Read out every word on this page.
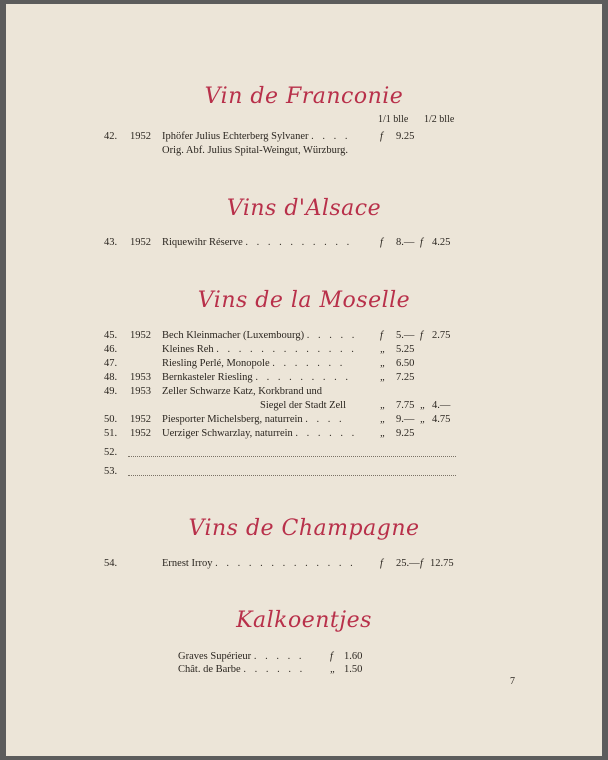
Vin de Franconie
1/1 blle 1/2 blle
42. 1952 Iphöfer Julius Echterberg Sylvaner . . . .	f 9.25
Orig. Abf. Julius Spital-Weingut, Würzburg.
Vins d'Alsace
43. 1952 Riquewihr Réserve . . . . . . . . . .	f 8.— f 4.25
Vins de la Moselle
45. 1952 Bech Kleinmacher (Luxembourg) . . . . . f 5.— f 2.75
46.	Kleines Reh . . . . . . . . . . . . . „ 5.25
47.	Riesling Perlé, Monopole . . . . . . .	„ 6.50
48. 1953 Bernkasteler Riesling . . . . . . . . .	„ 7.25
49. 1953 Zeller Schwarze Katz, Korkbrand und
Siegel der Stadt Zell	„ 7.75 „ 4.—
50. 1952 Piesporter Michelsberg, naturrein . . . .	„ 9.— „ 4.75
51. 1952 Uerziger Schwarzlay, naturrein . . . . . . „ 9.25
52.
53.
Vins de Champagne
54.	Ernest Irroy . . . . . . . . . . . . . f 25.— f 12.75
Kalkoentjes
Graves Supérieur . . . . . f 1.60
Chât. de Barbe . . . . . . „ 1.50
7
